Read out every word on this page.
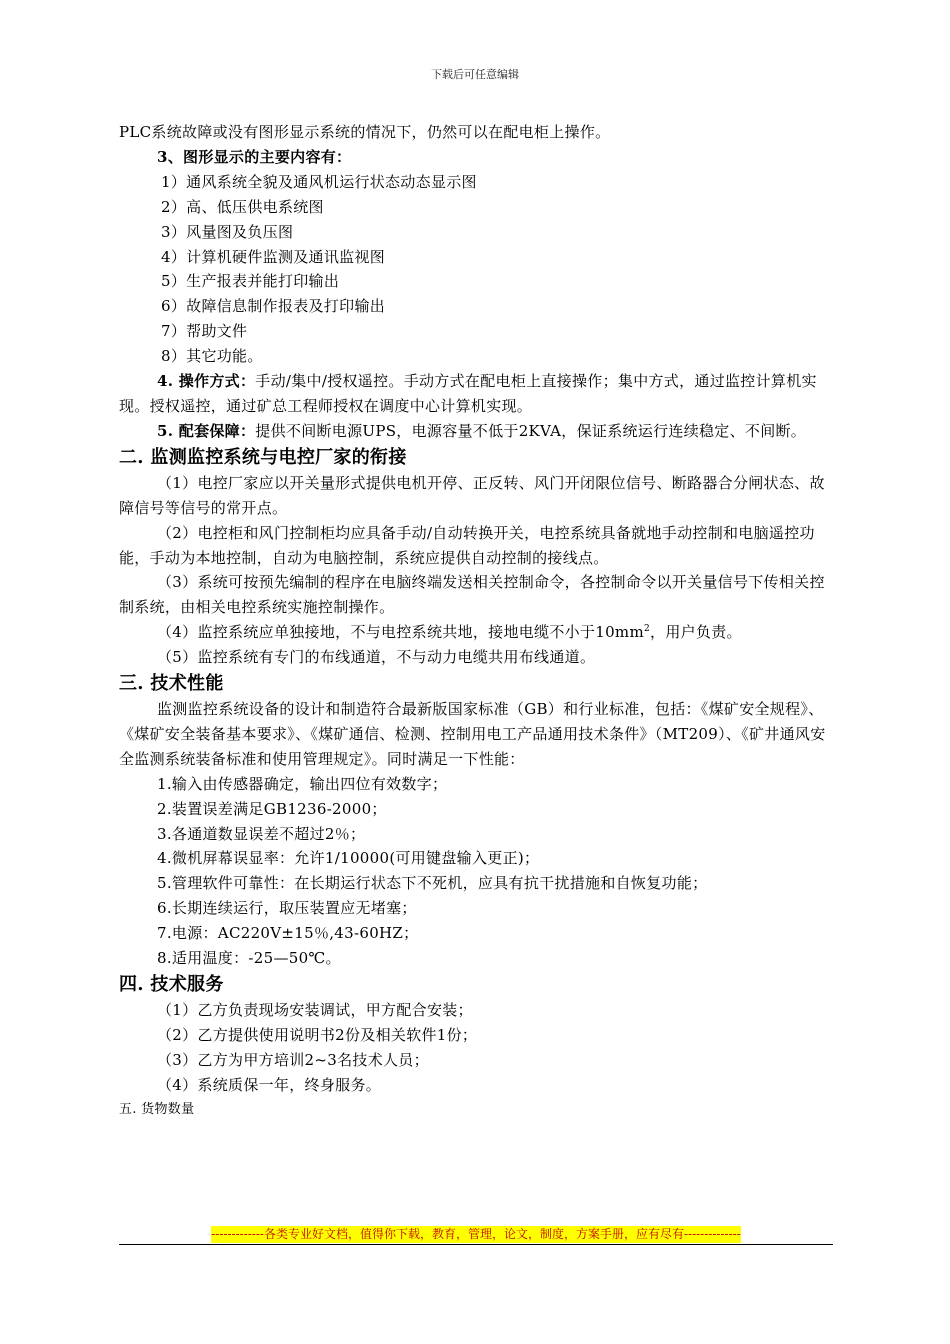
下载后可任意编辑

PLC系统故障或没有图形显示系统的情况下，仍然可以在配电柜上操作。

3、图形显示的主要内容有：

1）通风系统全貌及通风机运行状态动态显示图

2）高、低压供电系统图

3）风量图及负压图

4）计算机硬件监测及通讯监视图

5）生产报表并能打印输出

6）故障信息制作报表及打印输出

7）帮助文件

8）其它功能。

4. 操作方式：手动/集中/授权遥控。手动方式在配电柜上直接操作；集中方式，通过监控计算机实现。授权遥控，通过矿总工程师授权在调度中心计算机实现。

5. 配套保障：提供不间断电源UPS，电源容量不低于2KVA，保证系统运行连续稳定、不间断。

二. 监测监控系统与电控厂家的衔接

（1）电控厂家应以开关量形式提供电机开停、正反转、风门开闭限位信号、断路器合分闸状态、故障信号等信号的常开点。

（2）电控柜和风门控制柜均应具备手动/自动转换开关，电控系统具备就地手动控制和电脑遥控功能，手动为本地控制，自动为电脑控制，系统应提供自动控制的接线点。

（3）系统可按预先编制的程序在电脑终端发送相关控制命令，各控制命令以开关量信号下传相关控制系统，由相关电控系统实施控制操作。

（4）监控系统应单独接地，不与电控系统共地，接地电缆不小于$10mm^2$，用户负责。

（5）监控系统有专门的布线通道，不与动力电缆共用布线通道。

三. 技术性能

监测监控系统设备的设计和制造符合最新版国家标准（GB）和行业标准，包括：《煤矿安全规程》、《煤矿安全装备基本要求》、《煤矿通信、检测、控制用电工产品通用技术条件》（MT209）、《矿井通风安全监测系统装备标准和使用管理规定》。同时满足一下性能：

1.输入由传感器确定，输出四位有效数字；

2.装置误差满足GB1236-2000；

3.各通道数显误差不超过2％；

4.微机屏幕误显率：允许1/10000(可用键盘输入更正)；

5.管理软件可靠性：在长期运行状态下不死机，应具有抗干扰措施和自恢复功能；

6.长期连续运行，取压装置应无堵塞；

7.电源：AC220V±15％,43-60HZ；

8.适用温度：-25—50℃。

四. 技术服务

（1）乙方负责现场安装调试，甲方配合安装；

（2）乙方提供使用说明书2份及相关软件1份；

（3）乙方为甲方培训2~3名技术人员；

（4）系统质保一年，终身服务。

五. 货物数量

-------------各类专业好文档，值得你下载，教育，管理，论文，制度，方案手册，应有尽有--------------
